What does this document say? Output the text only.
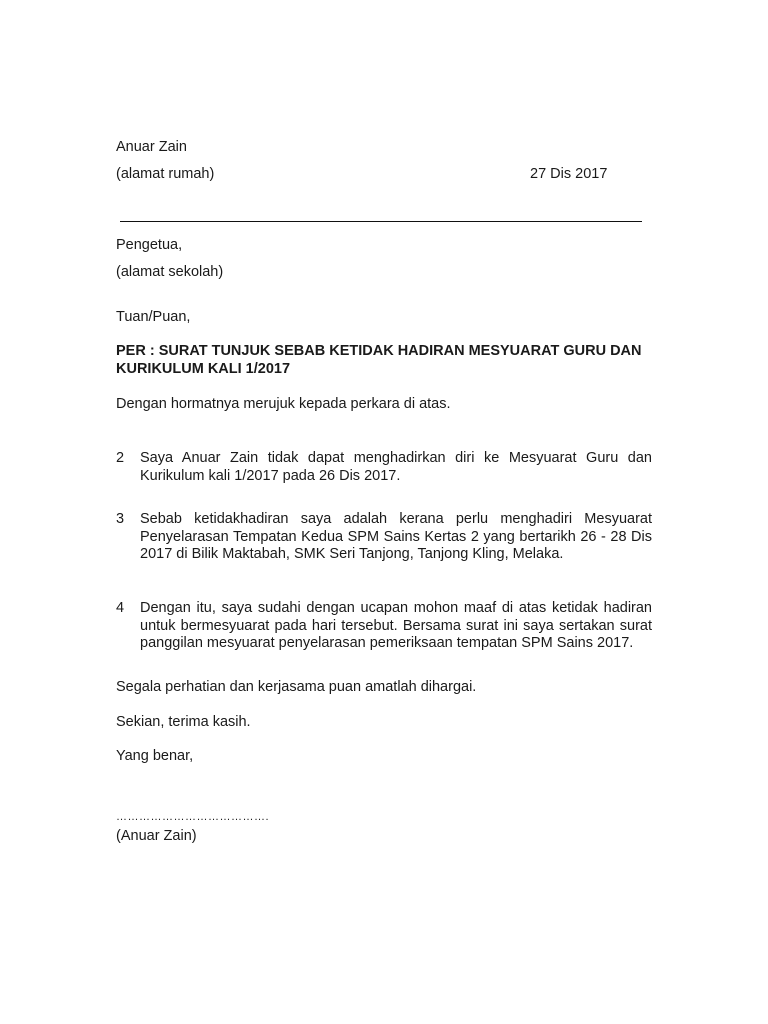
Anuar Zain
(alamat rumah)	27 Dis 2017
Pengetua,
(alamat sekolah)
Tuan/Puan,
PER : SURAT TUNJUK SEBAB KETIDAK HADIRAN MESYUARAT GURU DAN
KURIKULUM KALI 1/2017
Dengan hormatnya merujuk kepada perkara di atas.
2 Saya Anuar Zain tidak dapat menghadirkan diri ke Mesyuarat Guru dan
Kurikulum kali 1/2017 pada 26 Dis 2017.
3 Sebab ketidakhadiran saya adalah kerana perlu menghadiri Mesyuarat
Penyelarasan Tempatan Kedua SPM Sains Kertas 2 yang bertarikh 26 - 28 Dis
2017 di Bilik Maktabah, SMK Seri Tanjong, Tanjong Kling, Melaka.
4 Dengan itu, saya sudahi dengan ucapan mohon maaf di atas ketidak hadiran
untuk bermesyuarat pada hari tersebut. Bersama surat ini saya sertakan surat
panggilan mesyuarat penyelarasan pemeriksaan tempatan SPM Sains 2017.
Segala perhatian dan kerjasama puan amatlah dihargai.
Sekian, terima kasih.
Yang benar,
………………………………….
(Anuar Zain)
